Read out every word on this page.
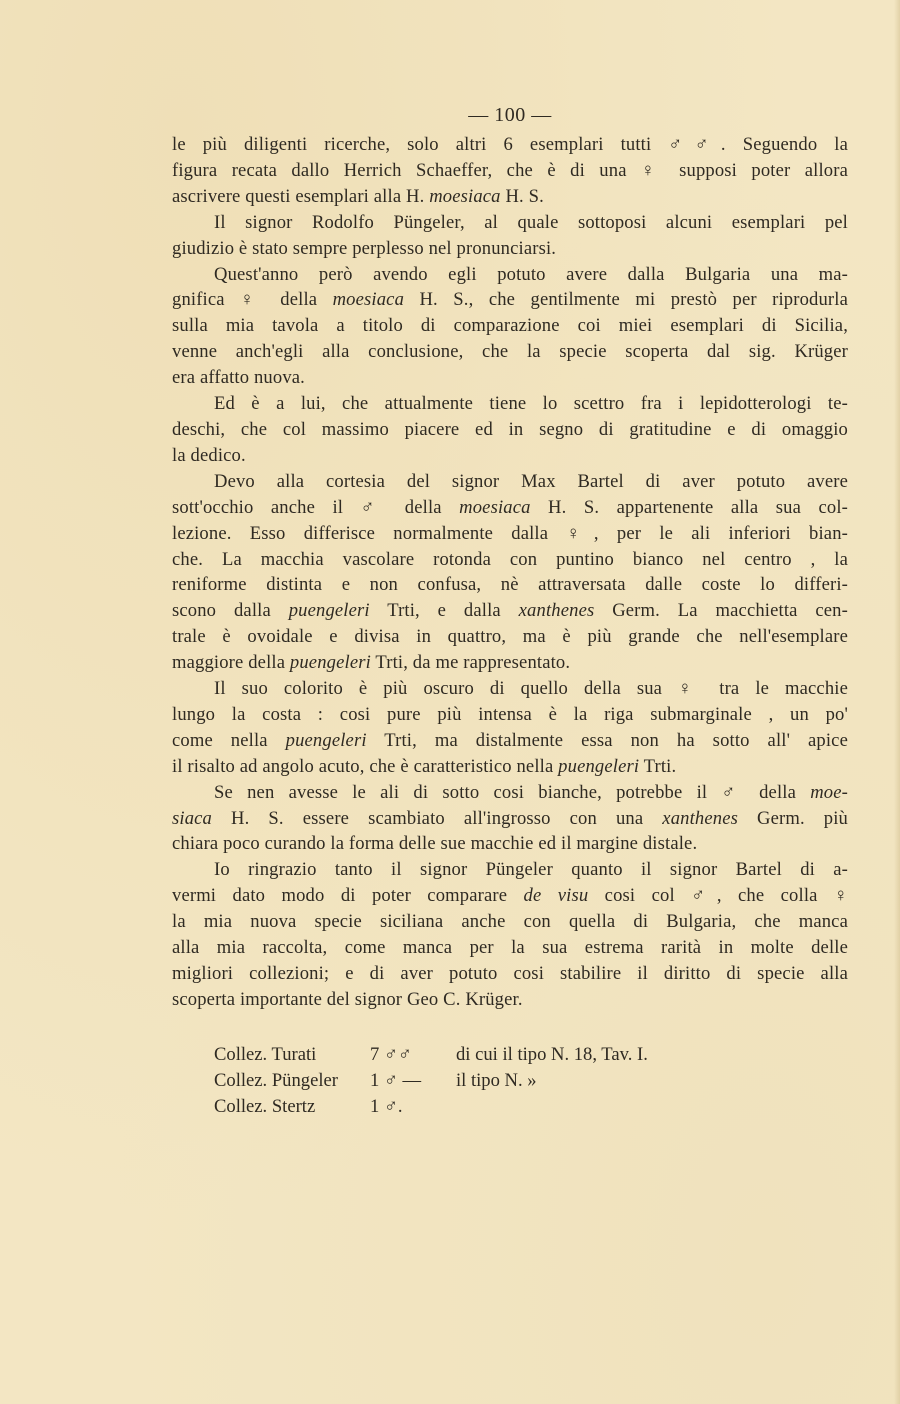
— 100 —

le più diligenti ricerche, solo altri 6 esemplari tutti ♂♂. Seguendo la
figura recata dallo Herrich Schaeffer, che è di una ♀ supposi poter allora
ascrivere questi esemplari alla H. moesiaca H. S.

Il signor Rodolfo Püngeler, al quale sottoposi alcuni esemplari pel
giudizio è stato sempre perplesso nel pronunciarsi.

Quest'anno però avendo egli potuto avere dalla Bulgaria una ma-
gnifica ♀ della moesiaca H. S., che gentilmente mi prestò per riprodurla
sulla mia tavola a titolo di comparazione coi miei esemplari di Sicilia,
venne anch'egli alla conclusione, che la specie scoperta dal sig. Krüger
era affatto nuova.

Ed è a lui, che attualmente tiene lo scettro fra i lepidotterologi te-
deschi, che col massimo piacere ed in segno di gratitudine e di omaggio
la dedico.

Devo alla cortesia del signor Max Bartel di aver potuto avere
sott'occhio anche il ♂ della moesiaca H. S. appartenente alla sua col-
lezione. Esso differisce normalmente dalla ♀, per le ali inferiori bian-
che. La macchia vascolare rotonda con puntino bianco nel centro , la
reniforme distinta e non confusa, nè attraversata dalle coste lo differi-
scono dalla puengeleri Trti, e dalla xanthenes Germ. La macchietta cen-
trale è ovoidale e divisa in quattro, ma è più grande che nell'esemplare
maggiore della puengeleri Trti, da me rappresentato.

Il suo colorito è più oscuro di quello della sua ♀ tra le macchie
lungo la costa : cosi pure più intensa è la riga submarginale , un po'
come nella puengeleri Trti, ma distalmente essa non ha sotto all' apice
il risalto ad angolo acuto, che è caratteristico nella puengeleri Trti.

Se nen avesse le ali di sotto cosi bianche, potrebbe il ♂ della moe-
siaca H. S. essere scambiato all'ingrosso con una xanthenes Germ. più
chiara poco curando la forma delle sue macchie ed il margine distale.

Io ringrazio tanto il signor Püngeler quanto il signor Bartel di a-
vermi dato modo di poter comparare de visu cosi col ♂, che colla ♀
la mia nuova specie siciliana anche con quella di Bulgaria, che manca
alla mia raccolta, come manca per la sua estrema rarità in molte delle
migliori collezioni; e di aver potuto cosi stabilire il diritto di specie alla
scoperta importante del signor Geo C. Krüger.

Collez. Turati	7 ♂♂	di cui il tipo N. 18, Tav. I.
Collez. Püngeler	1 ♂ —	il tipo N. »
Collez. Stertz	1 ♂.
